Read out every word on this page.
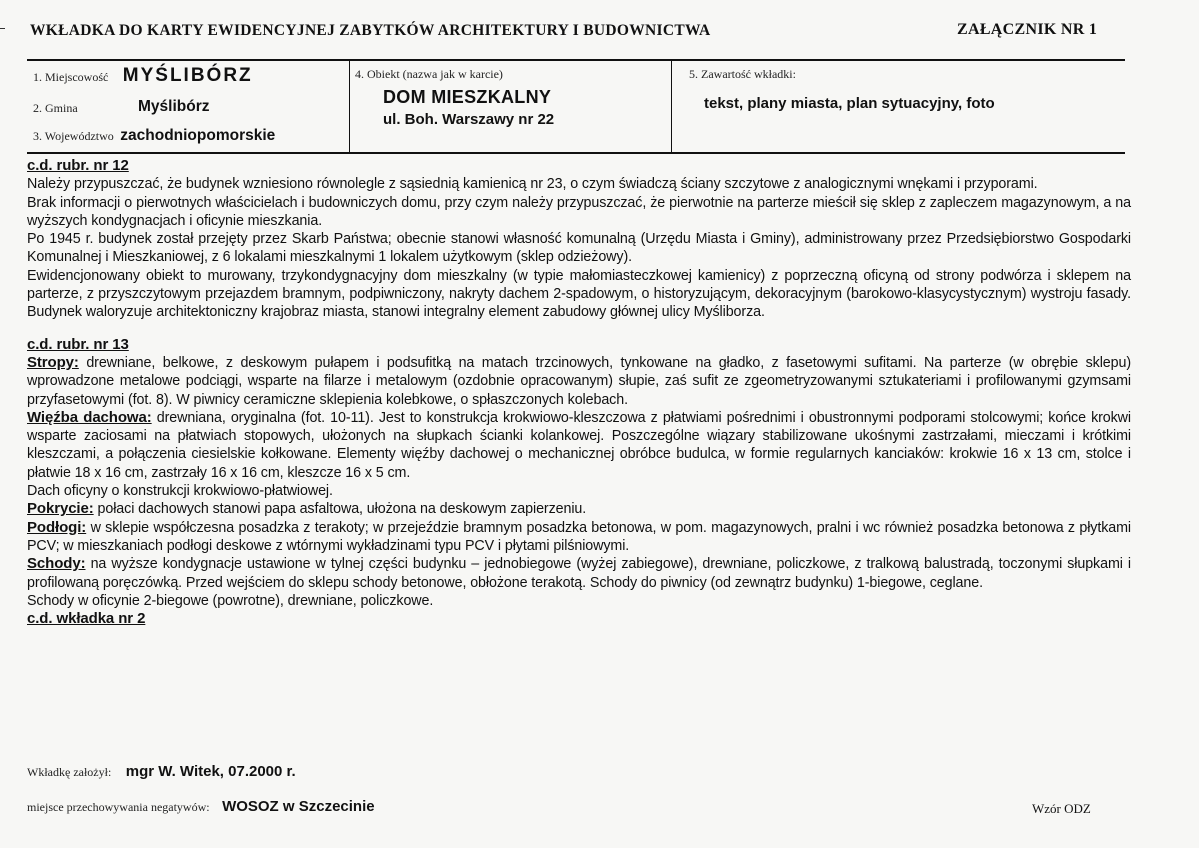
WKŁADKA DO KARTY EWIDENCYJNEJ ZABYTKÓW ARCHITEKTURY I BUDOWNICTWA	ZAŁĄCZNIK NR 1
1. Miejscowość MYŚLIBÓRZ
2. Gmina	Myślibórz
3. Województwo zachodniopomorskie
4. Obiekt (nazwa jak w karcie)
DOM MIESZKALNY
ul. Boh. Warszawy nr 22
5. Zawartość wkładki:
tekst, plany miasta, plan sytuacyjny, foto
c.d. rubr. nr 12

Należy przypuszczać, że budynek wzniesiono równolegle z sąsiednią kamienicą nr 23, o czym świadczą ściany szczytowe z analogicznymi wnękami i przyporami.

Brak informacji o pierwotnych właścicielach i budowniczych domu, przy czym należy przypuszczać, że pierwotnie na parterze mieścił się sklep z zapleczem magazynowym, a na wyższych kondygnacjach i oficynie mieszkania.

Po 1945 r. budynek został przejęty przez Skarb Państwa; obecnie stanowi własność komunalną (Urzędu Miasta i Gminy), administrowany przez Przedsiębiorstwo Gospodarki Komunalnej i Mieszkaniowej, z 6 lokalami mieszkalnymi 1 lokalem użytkowym (sklep odzieżowy).

Ewidencjonowany obiekt to murowany, trzykondygnacyjny dom mieszkalny (w typie małomiasteczkowej kamienicy) z poprzeczną oficyną od strony podwórza i sklepem na parterze, z przyszczytowym przejazdem bramnym, podpiwniczony, nakryty dachem 2-spadowym, o historyzującym, dekoracyjnym (barokowo-klasycystycznym) wystroju fasady. Budynek waloryzuje architektoniczny krajobraz miasta, stanowi integralny element zabudowy głównej ulicy Myśliborza.

c.d. rubr. nr 13

Stropy: drewniane, belkowe, z deskowym pułapem i podsufitką na matach trzcinowych, tynkowane na gładko, z fasetowymi sufitami. Na parterze (w obrębie sklepu) wprowadzone metalowe podciągi, wsparte na filarze i metalowym (ozdobnie opracowanym) słupie, zaś sufit ze zgeometryzowanymi sztukateriami i profilowanymi gzymsami przyfasetowymi (fot. 8). W piwnicy ceramiczne sklepienia kolebkowe, o spłaszczonych kolebach.

Więźba dachowa: drewniana, oryginalna (fot. 10-11). Jest to konstrukcja krokwiowo-kleszczowa z płatwiami pośrednimi i obustronnymi podporami stolcowymi; końce krokwi wsparte zaciosami na płatwiach stopowych, ułożonych na słupkach ścianki kolankowej. Poszczególne wiązary stabilizowane ukośnymi zastrzałami, mieczami i krótkimi kleszczami, a połączenia ciesielskie kołkowane. Elementy więźby dachowej o mechanicznej obróbce budulca, w formie regularnych kanciaków: krokwie 16 x 13 cm, stolce i płatwie 18 x 16 cm, zastrzały 16 x 16 cm, kleszcze 16 x 5 cm.

Dach oficyny o konstrukcji krokwiowo-płatwiowej.

Pokrycie: połaci dachowych stanowi papa asfaltowa, ułożona na deskowym zapierzeniu.

Podłogi: w sklepie współczesna posadzka z terakoty; w przejeździe bramnym posadzka betonowa, w pom. magazynowych, pralni i wc również posadzka betonowa z płytkami PCV; w mieszkaniach podłogi deskowe z wtórnymi wykładzinami typu PCV i płytami pilśniowymi.

Schody: na wyższe kondygnacje ustawione w tylnej części budynku – jednobiegowe (wyżej zabiegowe), drewniane, policzkowe, z tralkową balustradą, toczonymi słupkami i profilowaną poręczówką. Przed wejściem do sklepu schody betonowe, obłożone terakotą. Schody do piwnicy (od zewnątrz budynku) 1-biegowe, ceglane.

Schody w oficynie 2-biegowe (powrotne), drewniane, policzkowe.

c.d. wkładka nr 2
Wkładkę założył: mgr W. Witek, 07.2000 r.
miejsce przechowywania negatywów: WOSOZ w Szczecinie	Wzór ODZ
